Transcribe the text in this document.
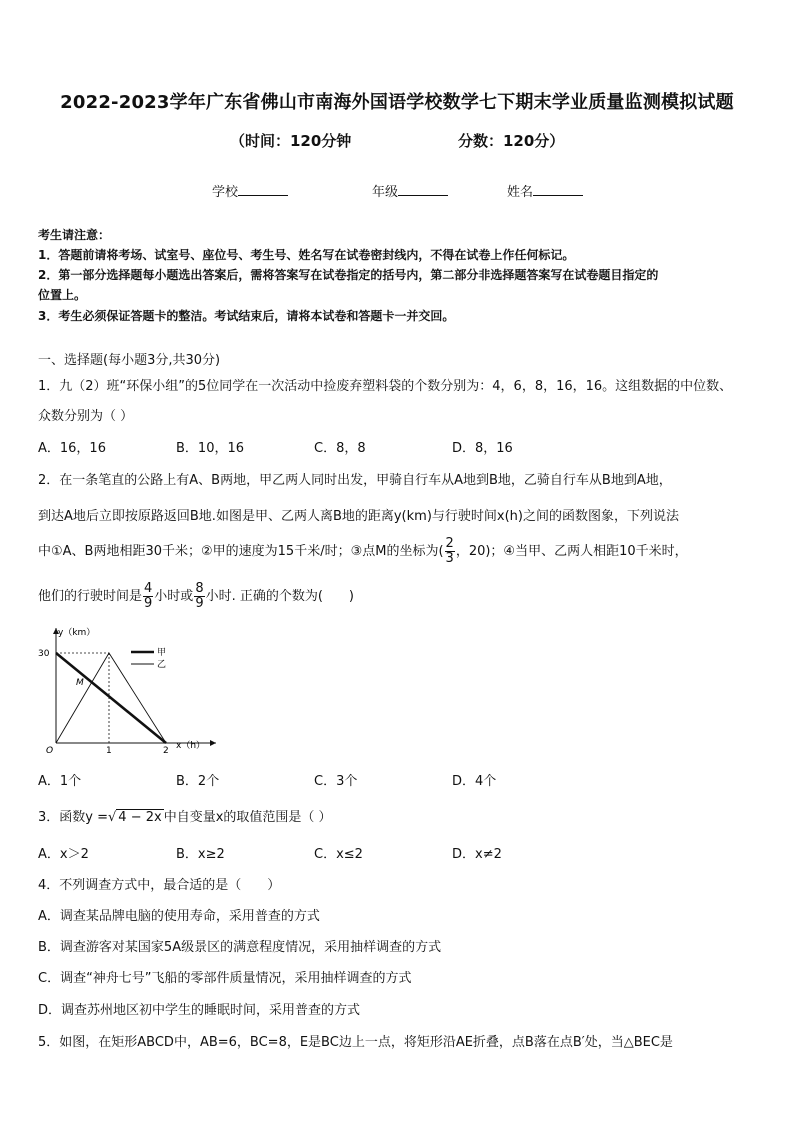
2022-2023学年广东省佛山市南海外国语学校数学七下期末学业质量监测模拟试题
（时间：120分钟	分数：120分）
学校	年级	姓名
考生请注意：
1．答题前请将考场、试室号、座位号、考生号、姓名写在试卷密封线内，不得在试卷上作任何标记。
2．第一部分选择题每小题选出答案后，需将答案写在试卷指定的括号内，第二部分非选择题答案写在试卷题目指定的
位置上。
3．考生必须保证答题卡的整洁。考试结束后，请将本试卷和答题卡一并交回。
一、选择题(每小题3分,共30分)
1．九（2）班“环保小组”的5位同学在一次活动中捡废弃塑料袋的个数分别为：4，6，8，16，16。这组数据的中位数、
众数分别为（ ）
A．16，16	B．10，16	C．8，8	D．8，16
2．在一条笔直的公路上有A、B两地，甲乙两人同时出发，甲骑自行车从A地到B地，乙骑自行车从B地到A地，
到达A地后立即按原路返回B地.如图是甲、乙两人离B地的距离y(km)与行驶时间x(h)之间的函数图象，下列说法
中①A、B两地相距30千米；②甲的速度为15千米/时；③点M的坐标为( $\frac{2}{3}$ ，20)；④当甲、乙两人相距10千米时，
他们的行驶时间是 $\frac{4}{9}$ 小时或 $\frac{8}{9}$ 小时. 正确的个数为(　　)
y（km）
30
O	1	2 x（h）
M
甲
乙
A．1个	B．2个	C．3个	D．4个
3．函数y =√ 4 − 2x 中自变量x的取值范围是（ ）
A．x＞2	B．x≥2	C．x≤2	D．x≠2
4．不列调查方式中，最合适的是（　　）
A．调查某品牌电脑的使用寿命，采用普查的方式
B．调查游客对某国家5A级景区的满意程度情况，采用抽样调查的方式
C．调查“神舟七号”飞船的零部件质量情况，采用抽样调查的方式
D．调查苏州地区初中学生的睡眠时间，采用普查的方式
5．如图，在矩形ABCD中，AB=6，BC=8，E是BC边上一点，将矩形沿AE折叠，点B落在点B′处，当△BEC是
